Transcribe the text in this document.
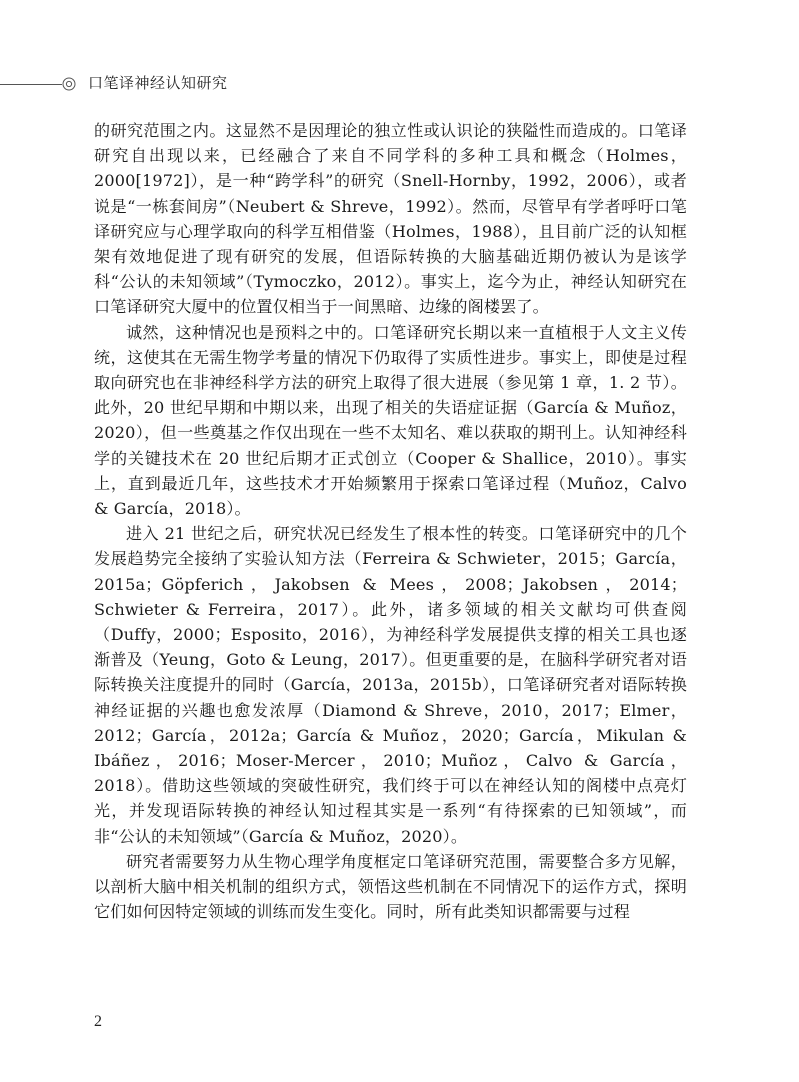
口笔译神经认知研究

的研究范围之内。这显然不是因理论的独立性或认识论的狭隘性而造成的。口笔译研究自出现以来，已经融合了来自不同学科的多种工具和概念（Holmes，2000[1972]），是一种“跨学科”的研究（Snell-Hornby，1992，2006），或者说是“一栋套间房”（Neubert & Shreve，1992）。然而，尽管早有学者呼吁口笔译研究应与心理学取向的科学互相借鉴（Holmes，1988），且目前广泛的认知框架有效地促进了现有研究的发展，但语际转换的大脑基础近期仍被认为是该学科“公认的未知领域”（Tymoczko，2012）。事实上，迄今为止，神经认知研究在口笔译研究大厦中的位置仅相当于一间黑暗、边缘的阁楼罢了。

诚然，这种情况也是预料之中的。口笔译研究长期以来一直植根于人文主义传统，这使其在无需生物学考量的情况下仍取得了实质性进步。事实上，即使是过程取向研究也在非神经科学方法的研究上取得了很大进展（参见第 1 章，1. 2 节）。此外，20 世纪早期和中期以来，出现了相关的失语症证据（García & Muñoz，2020），但一些奠基之作仅出现在一些不太知名、难以获取的期刊上。认知神经科学的关键技术在 20 世纪后期才正式创立（Cooper & Shallice，2010）。事实上，直到最近几年，这些技术才开始频繁用于探索口笔译过程（Muñoz，Calvo & García，2018）。

进入 21 世纪之后，研究状况已经发生了根本性的转变。口笔译研究中的几个发展趋势完全接纳了实验认知方法（Ferreira & Schwieter，2015；García，2015a；Göpferich，Jakobsen & Mees，2008；Jakobsen，2014；Schwieter & Ferreira，2017）。此外，诸多领域的相关文献均可供查阅（Duffy，2000；Esposito，2016），为神经科学发展提供支撑的相关工具也逐渐普及（Yeung，Goto & Leung，2017）。但更重要的是，在脑科学研究者对语际转换关注度提升的同时（García，2013a，2015b），口笔译研究者对语际转换神经证据的兴趣也愈发浓厚（Diamond & Shreve，2010，2017；Elmer，2012；García，2012a；García & Muñoz，2020；García，Mikulan & Ibáñez，2016；Moser-Mercer，2010；Muñoz，Calvo & García，2018）。借助这些领域的突破性研究，我们终于可以在神经认知的阁楼中点亮灯光，并发现语际转换的神经认知过程其实是一系列“有待探索的已知领域”，而非“公认的未知领域”（García & Muñoz，2020）。

研究者需要努力从生物心理学角度框定口笔译研究范围，需要整合多方见解，以剖析大脑中相关机制的组织方式，领悟这些机制在不同情况下的运作方式，探明它们如何因特定领域的训练而发生变化。同时，所有此类知识都需要与过程

2
